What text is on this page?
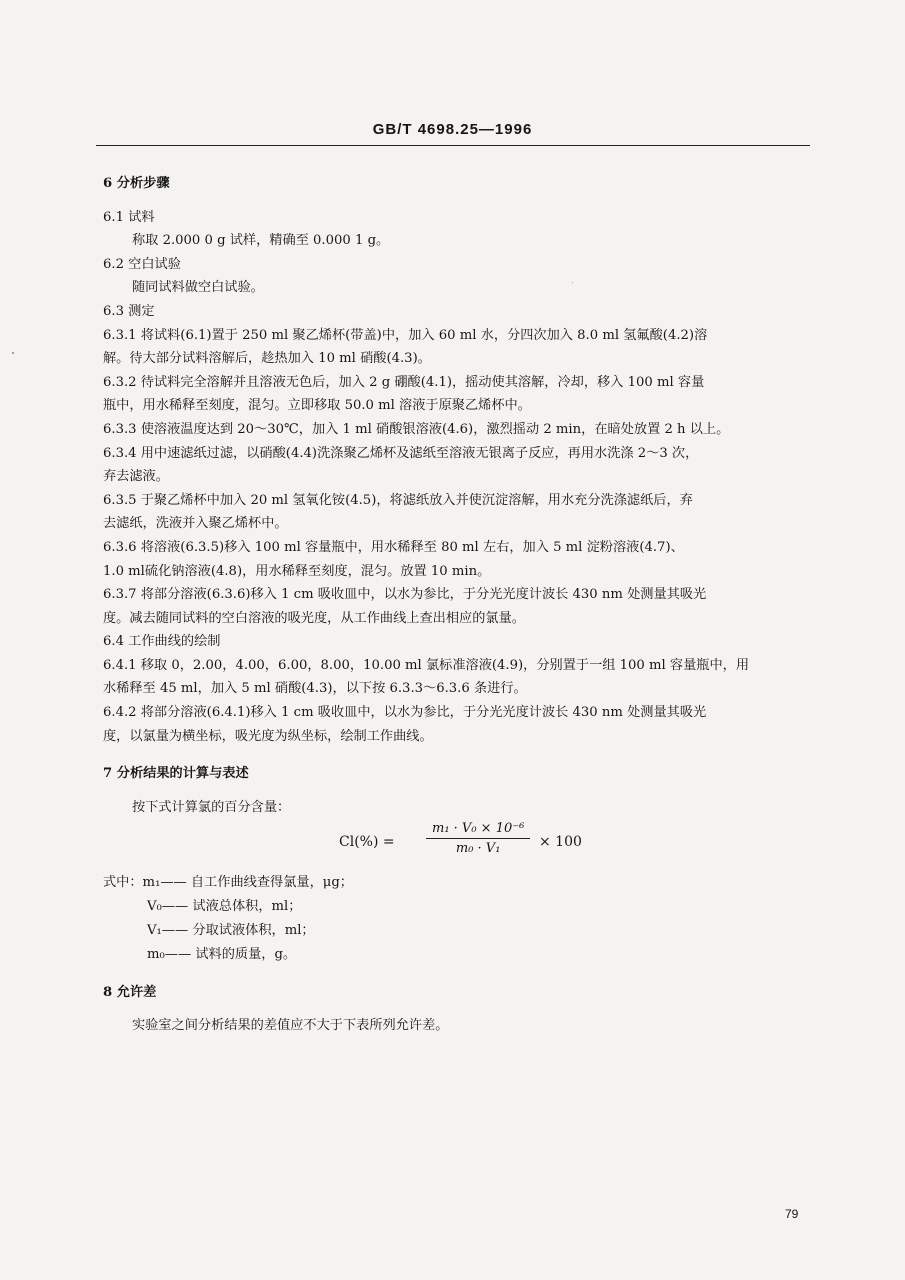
GB/T 4698.25—1996

6 分析步骤

6.1 试料

称取 2.000 0 g 试样，精确至 0.000 1 g。

6.2 空白试验

随同试料做空白试验。

6.3 测定

6.3.1 将试料(6.1)置于 250 ml 聚乙烯杯(带盖)中，加入 60 ml 水，分四次加入 8.0 ml 氢氟酸(4.2)溶

解。待大部分试料溶解后，趁热加入 10 ml 硝酸(4.3)。

6.3.2 待试料完全溶解并且溶液无色后，加入 2 g 硼酸(4.1)，摇动使其溶解，冷却，移入 100 ml 容量

瓶中，用水稀释至刻度，混匀。立即移取 50.0 ml 溶液于原聚乙烯杯中。

6.3.3 使溶液温度达到 20～30℃，加入 1 ml 硝酸银溶液(4.6)，激烈摇动 2 min，在暗处放置 2 h 以上。

6.3.4 用中速滤纸过滤，以硝酸(4.4)洗涤聚乙烯杯及滤纸至溶液无银离子反应，再用水洗涤 2～3 次，

弃去滤液。

6.3.5 于聚乙烯杯中加入 20 ml 氢氧化铵(4.5)，将滤纸放入并使沉淀溶解，用水充分洗涤滤纸后，弃

去滤纸，洗液并入聚乙烯杯中。

6.3.6 将溶液(6.3.5)移入 100 ml 容量瓶中，用水稀释至 80 ml 左右，加入 5 ml 淀粉溶液(4.7)、

1.0 ml硫化钠溶液(4.8)，用水稀释至刻度，混匀。放置 10 min。

6.3.7 将部分溶液(6.3.6)移入 1 cm 吸收皿中，以水为参比，于分光光度计波长 430 nm 处测量其吸光

度。减去随同试料的空白溶液的吸光度，从工作曲线上查出相应的氯量。

6.4 工作曲线的绘制

6.4.1 移取 0，2.00，4.00，6.00，8.00，10.00 ml 氯标准溶液(4.9)，分别置于一组 100 ml 容量瓶中，用

水稀释至 45 ml，加入 5 ml 硝酸(4.3)，以下按 6.3.3～6.3.6 条进行。

6.4.2 将部分溶液(6.4.1)移入 1 cm 吸收皿中，以水为参比，于分光光度计波长 430 nm 处测量其吸光

度，以氯量为横坐标，吸光度为纵坐标，绘制工作曲线。

7 分析结果的计算与表述

按下式计算氯的百分含量：

$Cl(\%) = \frac{\text{m₁ · V₀ × 10⁻⁶}}{\text{m₀ · V₁}} \times 100$
式中：m₁—— 自工作曲线查得氯量，μg；
V₀—— 试液总体积，ml；
V₁—— 分取试液体积，ml；
m₀—— 试料的质量，g。

8 允许差

实验室之间分析结果的差值应不大于下表所列允许差。

79
